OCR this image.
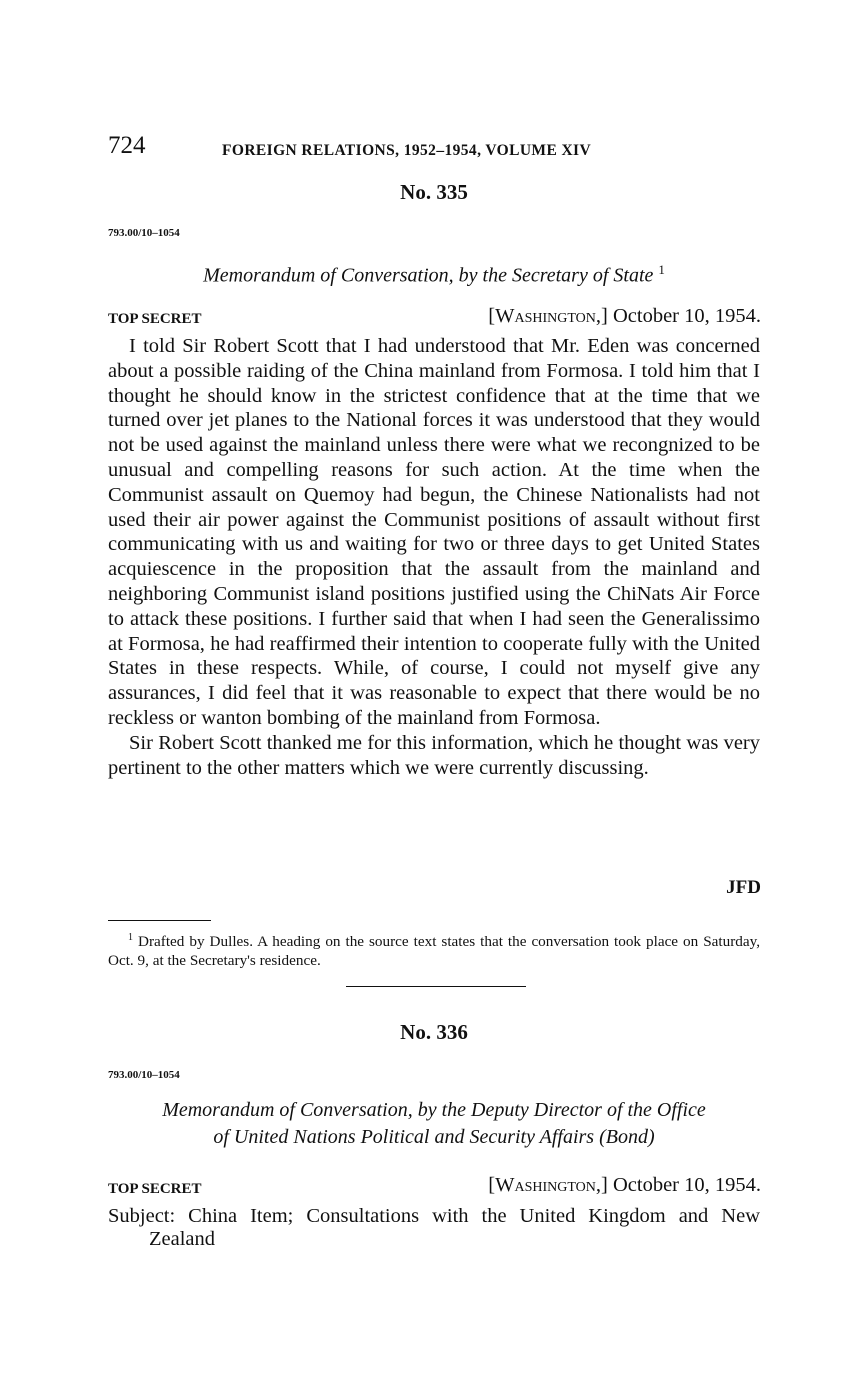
724	FOREIGN RELATIONS, 1952–1954, VOLUME XIV
No. 335
793.00/10–1054
Memorandum of Conversation, by the Secretary of State $^1$
TOP SECRET	[Washington,] October 10, 1954.

I told Sir Robert Scott that I had understood that Mr. Eden was concerned about a possible raiding of the China mainland from Formosa. I told him that I thought he should know in the strictest confidence that at the time that we turned over jet planes to the National forces it was understood that they would not be used against the mainland unless there were what we recongnized to be unusual and compelling reasons for such action. At the time when the Communist assault on Quemoy had begun, the Chinese Nationalists had not used their air power against the Communist positions of assault without first communicating with us and waiting for two or three days to get United States acquiescence in the proposition that the assault from the mainland and neighboring Communist island positions justified using the ChiNats Air Force to attack these positions. I further said that when I had seen the Generalissimo at Formosa, he had reaffirmed their intention to cooperate fully with the United States in these respects. While, of course, I could not myself give any assurances, I did feel that it was reasonable to expect that there would be no reckless or wanton bombing of the mainland from Formosa.

Sir Robert Scott thanked me for this information, which he thought was very pertinent to the other matters which we were currently discussing.

JFD
$^1$ Drafted by Dulles. A heading on the source text states that the conversation took place on Saturday, Oct. 9, at the Secretary's residence.
No. 336
793.00/10–1054
Memorandum of Conversation, by the Deputy Director of the Office
of United Nations Political and Security Affairs (Bond)
TOP SECRET	[Washington,] October 10, 1954.
Subject: China Item; Consultations with the United Kingdom and New Zealand
